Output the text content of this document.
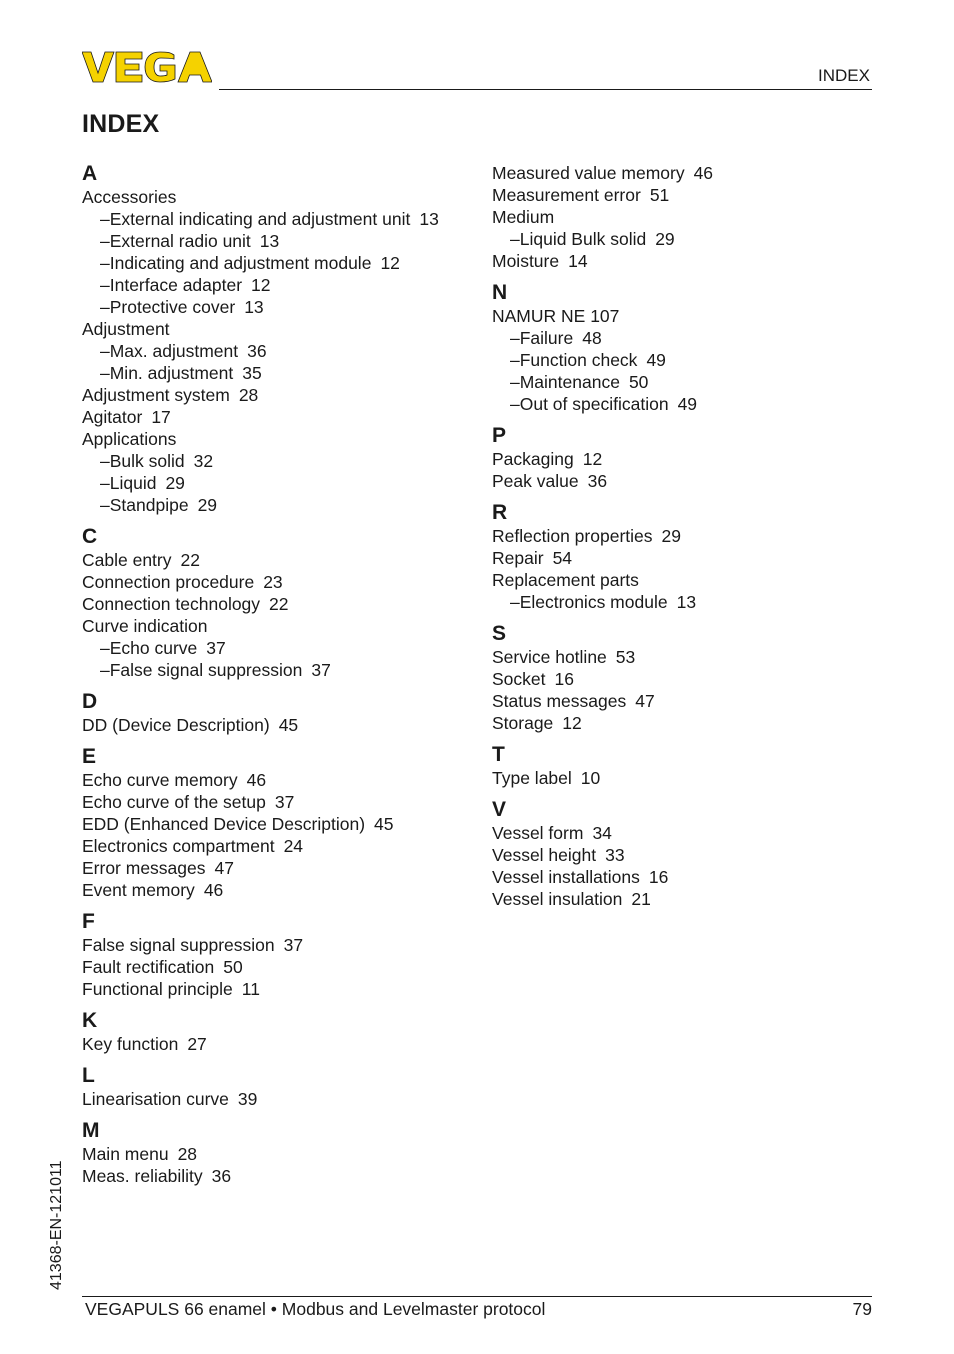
INDEX
INDEX
A
Accessories
–External indicating and adjustment unit 13
–External radio unit 13
–Indicating and adjustment module 12
–Interface adapter 12
–Protective cover 13
Adjustment
–Max. adjustment 36
–Min. adjustment 35
Adjustment system 28
Agitator 17
Applications
–Bulk solid 32
–Liquid 29
–Standpipe 29
C
Cable entry 22
Connection procedure 23
Connection technology 22
Curve indication
–Echo curve 37
–False signal suppression 37
D
DD (Device Description) 45
E
Echo curve memory 46
Echo curve of the setup 37
EDD (Enhanced Device Description) 45
Electronics compartment 24
Error messages 47
Event memory 46
F
False signal suppression 37
Fault rectification 50
Functional principle 11
K
Key function 27
L
Linearisation curve 39
M
Main menu 28
Meas. reliability 36
Measured value memory 46
Measurement error 51
Medium
–Liquid Bulk solid 29
Moisture 14
N
NAMUR NE 107
–Failure 48
–Function check 49
–Maintenance 50
–Out of specification 49
P
Packaging 12
Peak value 36
R
Reflection properties 29
Repair 54
Replacement parts
–Electronics module 13
S
Service hotline 53
Socket 16
Status messages 47
Storage 12
T
Type label 10
V
Vessel form 34
Vessel height 33
Vessel installations 16
Vessel insulation 21
41368-EN-121011
VEGAPULS 66 enamel • Modbus and Levelmaster protocol	79
